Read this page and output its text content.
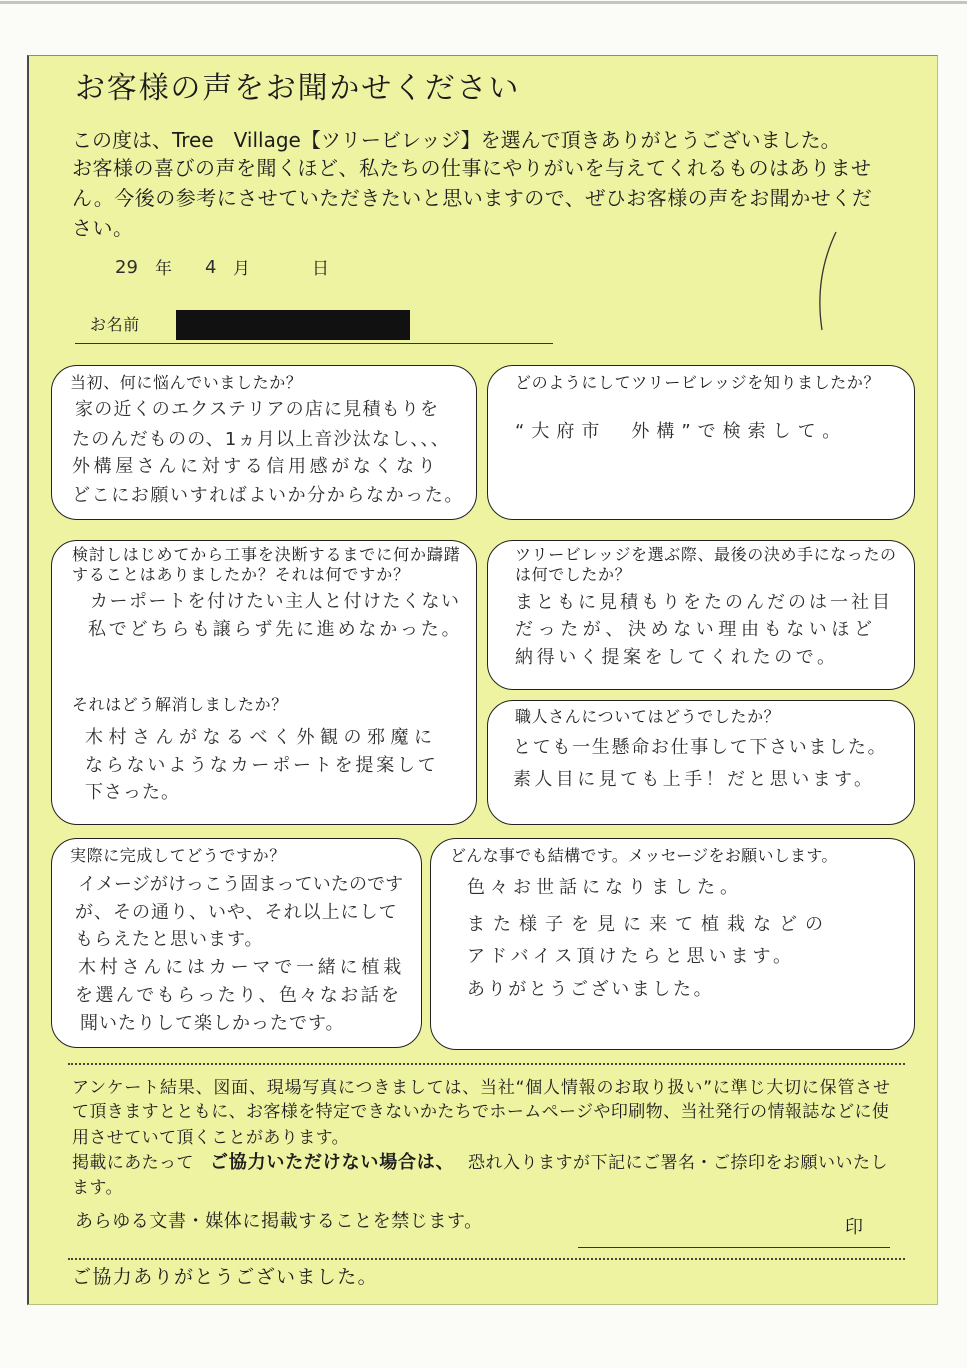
お客様の声をお聞かせください
この度は、Tree　Village【ツリービレッジ】を選んで頂きありがとうございました。
お客様の喜びの声を聞くほど、私たちの仕事にやりがいを与えてくれるものはありませ
ん。今後の参考にさせていただきたいと思いますので、ぜひお客様の声をお聞かせくだ
さい。
29 年 4 月	日
お名前
当初、何に悩んでいましたか？
家の近くのエクステリアの店に見積もりを
たのんだものの、1ヵ月以上音沙汰なし、、、
外構屋さんに対する信用感がなくなり
どこにお願いすればよいか分からなかった。
どのようにしてツリービレッジを知りましたか？
“大府市　外構”で検索して。
検討しはじめてから工事を決断するまでに何か躊躇
することはありましたか？それは何ですか？
カーポートを付けたい主人と付けたくない
私でどちらも譲らず先に進めなかった。
それはどう解消しましたか？
木村さんがなるべく外観の邪魔に
ならないようなカーポートを提案して
下さった。
ツリービレッジを選ぶ際、最後の決め手になったの
は何でしたか？
まともに見積もりをたのんだのは一社目
だったが、決めない理由もないほど
納得いく提案をしてくれたので。
職人さんについてはどうでしたか？
とても一生懸命お仕事して下さいました。
素人目に見ても上手！だと思います。
実際に完成してどうですか？
イメージがけっこう固まっていたのです
が、その通り、いや、それ以上にして
もらえたと思います。
木村さんにはカーマで一緒に植栽
を選んでもらったり、色々なお話を
聞いたりして楽しかったです。
どんな事でも結構です。メッセージをお願いします。
色々お世話になりました。
また様子を見に来て植栽などの
アドバイス頂けたらと思います。
ありがとうございました。
アンケート結果、図面、現場写真につきましては、当社“個人情報のお取り扱い”に準じ大切に保管させ
て頂きますとともに、お客様を特定できないかたちでホームページや印刷物、当社発行の情報誌などに使
用させていて頂くことがあります。
掲載にあたって ご協力いただけない場合は、 恐れ入りますが下記にご署名・ご捺印をお願いいたし
ます。
あらゆる文書・媒体に掲載することを禁じます。	印
ご協力ありがとうございました。
